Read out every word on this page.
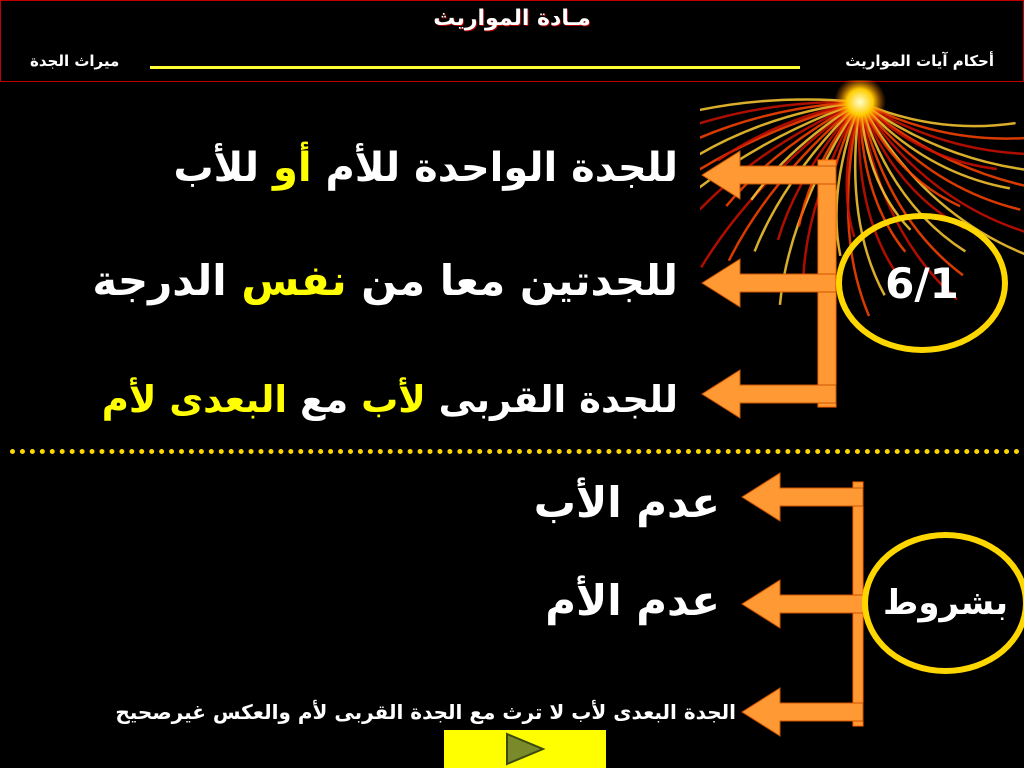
مـادة المواريث
أحكام آيات المواريث
ميراث الجدة
للجدة الواحدة للأم أو للأب
للجدتين معا من نفس الدرجة
للجدة القربى لأب مع البعدى لأم
6/1
عدم الأب
عدم الأم
الجدة البعدى لأب لا ترث مع الجدة القربى لأم والعكس غيرصحيح
بشروط
